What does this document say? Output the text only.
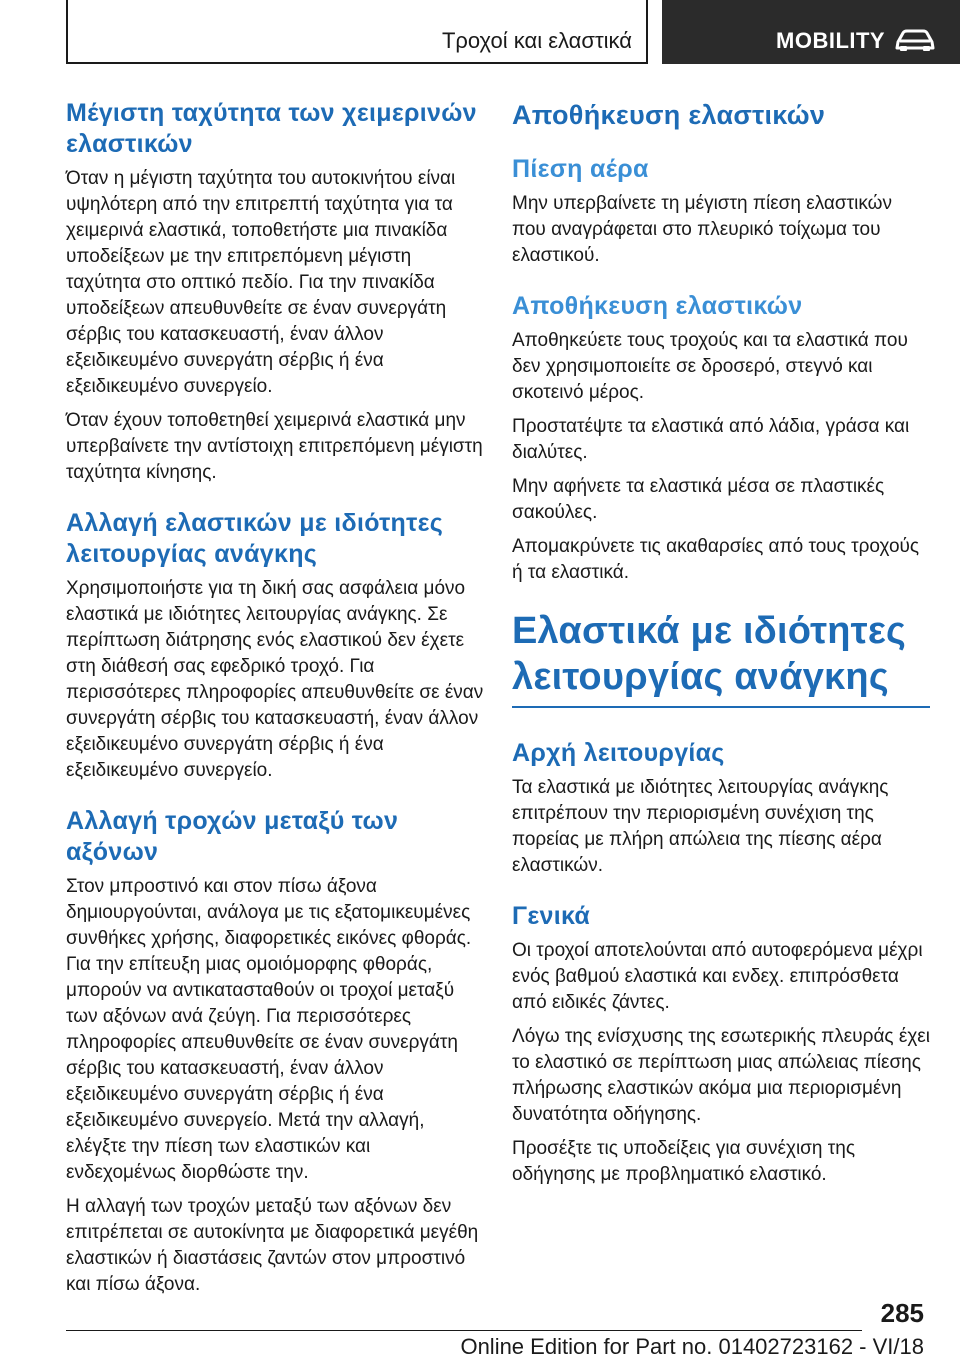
Τροχοί και ελαστικά	MOBILITY
Μέγιστη ταχύτητα των χειμερινών ελαστικών

Όταν η μέγιστη ταχύτητα του αυτοκινήτου είναι υψηλότερη από την επιτρεπτή ταχύτητα για τα χειμερινά ελαστικά, τοποθετήστε μια πινακίδα υποδείξεων με την επιτρεπόμενη μέγιστη ταχύτητα στο οπτικό πεδίο. Για την πινακίδα υποδείξεων απευθυνθείτε σε έναν συνεργάτη σέρβις του κατασκευαστή, έναν άλλον εξειδικευμένο συνεργάτη σέρβις ή ένα εξειδικευμένο συνεργείο.

Όταν έχουν τοποθετηθεί χειμερινά ελαστικά μην υπερβαίνετε την αντίστοιχη επιτρεπόμενη μέγιστη ταχύτητα κίνησης.

Αλλαγή ελαστικών με ιδιότητες λειτουργίας ανάγκης

Χρησιμοποιήστε για τη δική σας ασφάλεια μόνο ελαστικά με ιδιότητες λειτουργίας ανάγκης. Σε περίπτωση διάτρησης ενός ελαστικού δεν έχετε στη διάθεσή σας εφεδρικό τροχό. Για περισσότερες πληροφορίες απευθυνθείτε σε έναν συνεργάτη σέρβις του κατασκευαστή, έναν άλλον εξειδικευμένο συνεργάτη σέρβις ή ένα εξειδικευμένο συνεργείο.

Αλλαγή τροχών μεταξύ των αξόνων

Στον μπροστινό και στον πίσω άξονα δημιουργούνται, ανάλογα με τις εξατομικευμένες συνθήκες χρήσης, διαφορετικές εικόνες φθοράς. Για την επίτευξη μιας ομοιόμορφης φθοράς, μπορούν να αντικατασταθούν οι τροχοί μεταξύ των αξόνων ανά ζεύγη. Για περισσότερες πληροφορίες απευθυνθείτε σε έναν συνεργάτη σέρβις του κατασκευαστή, έναν άλλον εξειδικευμένο συνεργάτη σέρβις ή ένα εξειδικευμένο συνεργείο. Μετά την αλλαγή, ελέγξτε την πίεση των ελαστικών και ενδεχομένως διορθώστε την.

Η αλλαγή των τροχών μεταξύ των αξόνων δεν επιτρέπεται σε αυτοκίνητα με διαφορετικά μεγέθη ελαστικών ή διαστάσεις ζαντών στον μπροστινό και πίσω άξονα.

Αποθήκευση ελαστικών
Πίεση αέρα

Μην υπερβαίνετε τη μέγιστη πίεση ελαστικών που αναγράφεται στο πλευρικό τοίχωμα του ελαστικού.

Αποθήκευση ελαστικών

Αποθηκεύετε τους τροχούς και τα ελαστικά που δεν χρησιμοποιείτε σε δροσερό, στεγνό και σκοτεινό μέρος.

Προστατέψτε τα ελαστικά από λάδια, γράσα και διαλύτες.

Μην αφήνετε τα ελαστικά μέσα σε πλαστικές σακούλες.

Απομακρύνετε τις ακαθαρσίες από τους τροχούς ή τα ελαστικά.

Ελαστικά με ιδιότητες λειτουργίας ανάγκης
Αρχή λειτουργίας

Τα ελαστικά με ιδιότητες λειτουργίας ανάγκης επιτρέπουν την περιορισμένη συνέχιση της πορείας με πλήρη απώλεια της πίεσης αέρα ελαστικών.

Γενικά

Οι τροχοί αποτελούνται από αυτοφερόμενα μέχρι ενός βαθμού ελαστικά και ενδεχ. επιπρόσθετα από ειδικές ζάντες.

Λόγω της ενίσχυσης της εσωτερικής πλευράς έχει το ελαστικό σε περίπτωση μιας απώλειας πίεσης πλήρωσης ελαστικών ακόμα μια περιορισμένη δυνατότητα οδήγησης.

Προσέξτε τις υποδείξεις για συνέχιση της οδήγησης με προβληματικό ελαστικό.

285
Online Edition for Part no. 01402723162 - VI/18
